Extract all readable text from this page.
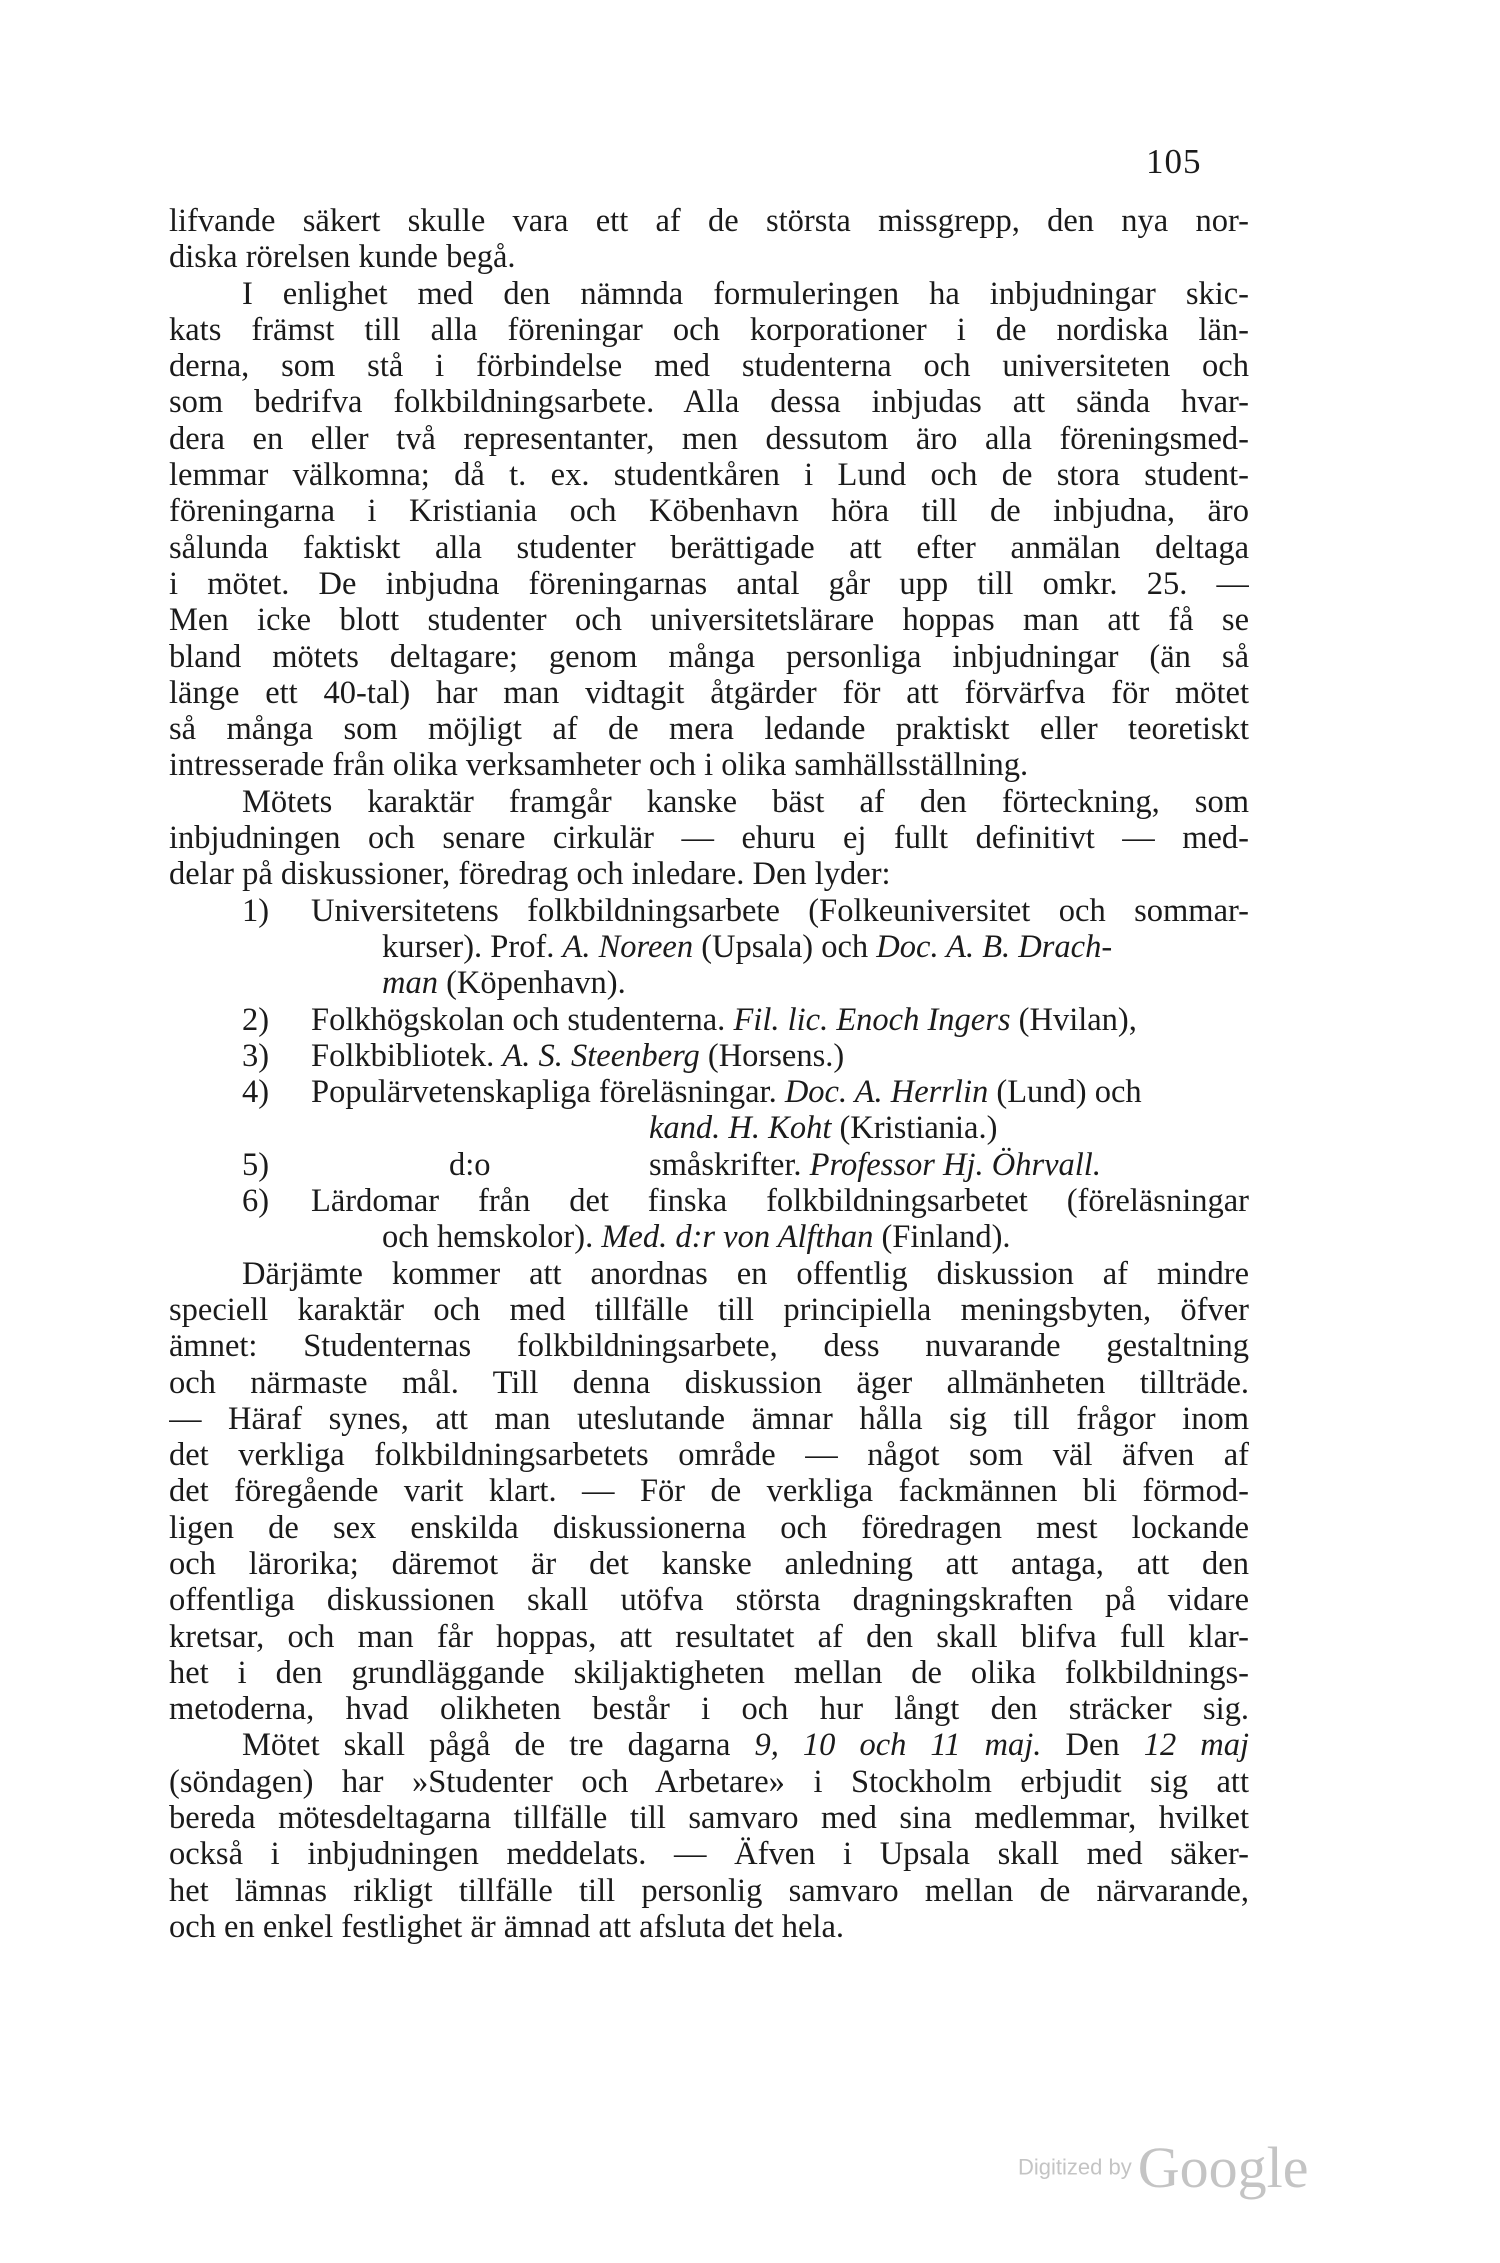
105
lifvande säkert skulle vara ett af de största missgrepp, den nya nor-
diska rörelsen kunde begå.
I enlighet med den nämnda formuleringen ha inbjudningar skic-
kats främst till alla föreningar och korporationer i de nordiska län-
derna, som stå i förbindelse med studenterna och universiteten och
som bedrifva folkbildningsarbete. Alla dessa inbjudas att sända hvar-
dera en eller två representanter, men dessutom äro alla föreningsmed-
lemmar välkomna; då t. ex. studentkåren i Lund och de stora student-
föreningarna i Kristiania och Köbenhavn höra till de inbjudna, äro
sålunda faktiskt alla studenter berättigade att efter anmälan deltaga
i mötet. De inbjudna föreningarnas antal går upp till omkr. 25. —
Men icke blott studenter och universitetslärare hoppas man att få se
bland mötets deltagare; genom många personliga inbjudningar (än så
länge ett 40-tal) har man vidtagit åtgärder för att förvärfva för mötet
så många som möjligt af de mera ledande praktiskt eller teoretiskt
intresserade från olika verksamheter och i olika samhällsställning.
Mötets karaktär framgår kanske bäst af den förteckning, som
inbjudningen och senare cirkulär — ehuru ej fullt definitivt — med-
delar på diskussioner, föredrag och inledare. Den lyder:
1) Universitetens folkbildningsarbete (Folkeuniversitet och sommar-
kurser). Prof. A. Noreen (Upsala) och Doc. A. B. Drach-
man (Köpenhavn).
2) Folkhögskolan och studenterna. Fil. lic. Enoch Ingers (Hvilan),
3) Folkbibliotek. A. S. Steenberg (Horsens.)
4) Populärvetenskapliga föreläsningar. Doc. A. Herrlin (Lund) och
kand. H. Koht (Kristiania.)
5)	d:o	småskrifter. Professor Hj. Öhrvall.
6) Lärdomar från det finska folkbildningsarbetet (föreläsningar
och hemskolor). Med. d:r von Alfthan (Finland).
Därjämte kommer att anordnas en offentlig diskussion af mindre
speciell karaktär och med tillfälle till principiella meningsbyten, öfver
ämnet: Studenternas folkbildningsarbete, dess nuvarande gestaltning
och närmaste mål. Till denna diskussion äger allmänheten tillträde.
— Häraf synes, att man uteslutande ämnar hålla sig till frågor inom
det verkliga folkbildningsarbetets område — något som väl äfven af
det föregående varit klart. — För de verkliga fackmännen bli förmod-
ligen de sex enskilda diskussionerna och föredragen mest lockande
och lärorika; däremot är det kanske anledning att antaga, att den
offentliga diskussionen skall utöfva största dragningskraften på vidare
kretsar, och man får hoppas, att resultatet af den skall blifva full klar-
het i den grundläggande skiljaktigheten mellan de olika folkbildnings-
metoderna, hvad olikheten består i och hur långt den sträcker sig.
Mötet skall pågå de tre dagarna 9, 10 och 11 maj. Den 12 maj
(söndagen) har »Studenter och Arbetare» i Stockholm erbjudit sig att
bereda mötesdeltagarna tillfälle till samvaro med sina medlemmar, hvilket
också i inbjudningen meddelats. — Äfven i Upsala skall med säker-
het lämnas rikligt tillfälle till personlig samvaro mellan de närvarande,
och en enkel festlighet är ämnad att afsluta det hela.
Digitized by Google
